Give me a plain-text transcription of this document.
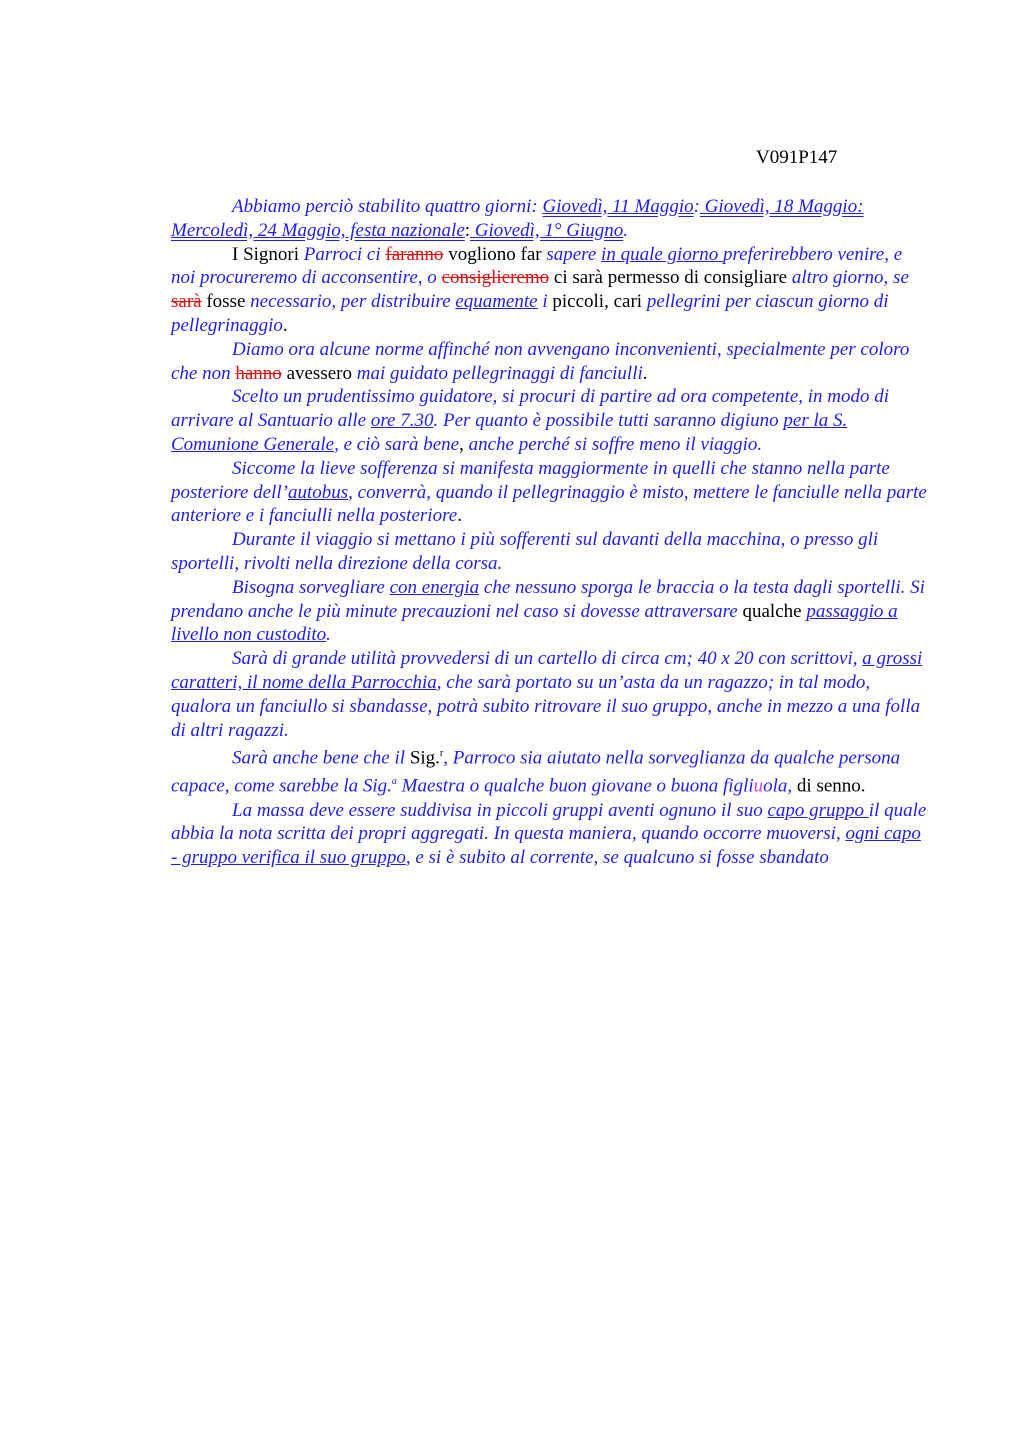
V091P147

Abbiamo perciò stabilito quattro giorni: Giovedì, 11 Maggio: Giovedì, 18 Maggio: Mercoledì, 24 Maggio, festa nazionale: Giovedì, 1° Giugno.

I Signori Parroci ci faranno vogliono far sapere in quale giorno preferirebbero venire, e noi procureremo di acconsentire, o consiglieremo ci sarà permesso di consigliare altro giorno, se sarà fosse necessario, per distribuire equamente i piccoli, cari pellegrini per ciascun giorno di pellegrinaggio.

Diamo ora alcune norme affinché non avvengano inconvenienti, specialmente per coloro che non hanno avessero mai guidato pellegrinaggi di fanciulli.

Scelto un prudentissimo guidatore, si procuri di partire ad ora competente, in modo di arrivare al Santuario alle ore 7.30. Per quanto è possibile tutti saranno digiuno per la S. Comunione Generale, e ciò sarà bene, anche perché si soffre meno il viaggio.

Siccome la lieve sofferenza si manifesta maggiormente in quelli che stanno nella parte posteriore dell’autobus, converrà, quando il pellegrinaggio è misto, mettere le fanciulle nella parte anteriore e i fanciulli nella posteriore.

Durante il viaggio si mettano i più sofferenti sul davanti della macchina, o presso gli sportelli, rivolti nella direzione della corsa.

Bisogna sorvegliare con energia che nessuno sporga le braccia o la testa dagli sportelli. Si prendano anche le più minute precauzioni nel caso si dovesse attraversare qualche passaggio a livello non custodito.

Sarà di grande utilità provvedersi di un cartello di circa cm; 40 x 20 con scrittovi, a grossi caratteri, il nome della Parrocchia, che sarà portato su un’asta da un ragazzo; in tal modo, qualora un fanciullo si sbandasse, potrà subito ritrovare il suo gruppo, anche in mezzo a una folla di altri ragazzi.

Sarà anche bene che il Sig.$^r$, Parroco sia aiutato nella sorveglianza da qualche persona capace, come sarebbe la Sig.$^a$ Maestra o qualche buon giovane o buona figliuola, di senno.

La massa deve essere suddivisa in piccoli gruppi aventi ognuno il suo capo gruppo il quale abbia la nota scritta dei propri aggregati. In questa maniera, quando occorre muoversi, ogni capo - gruppo verifica il suo gruppo, e si è subito al corrente, se qualcuno si fosse sbandato
